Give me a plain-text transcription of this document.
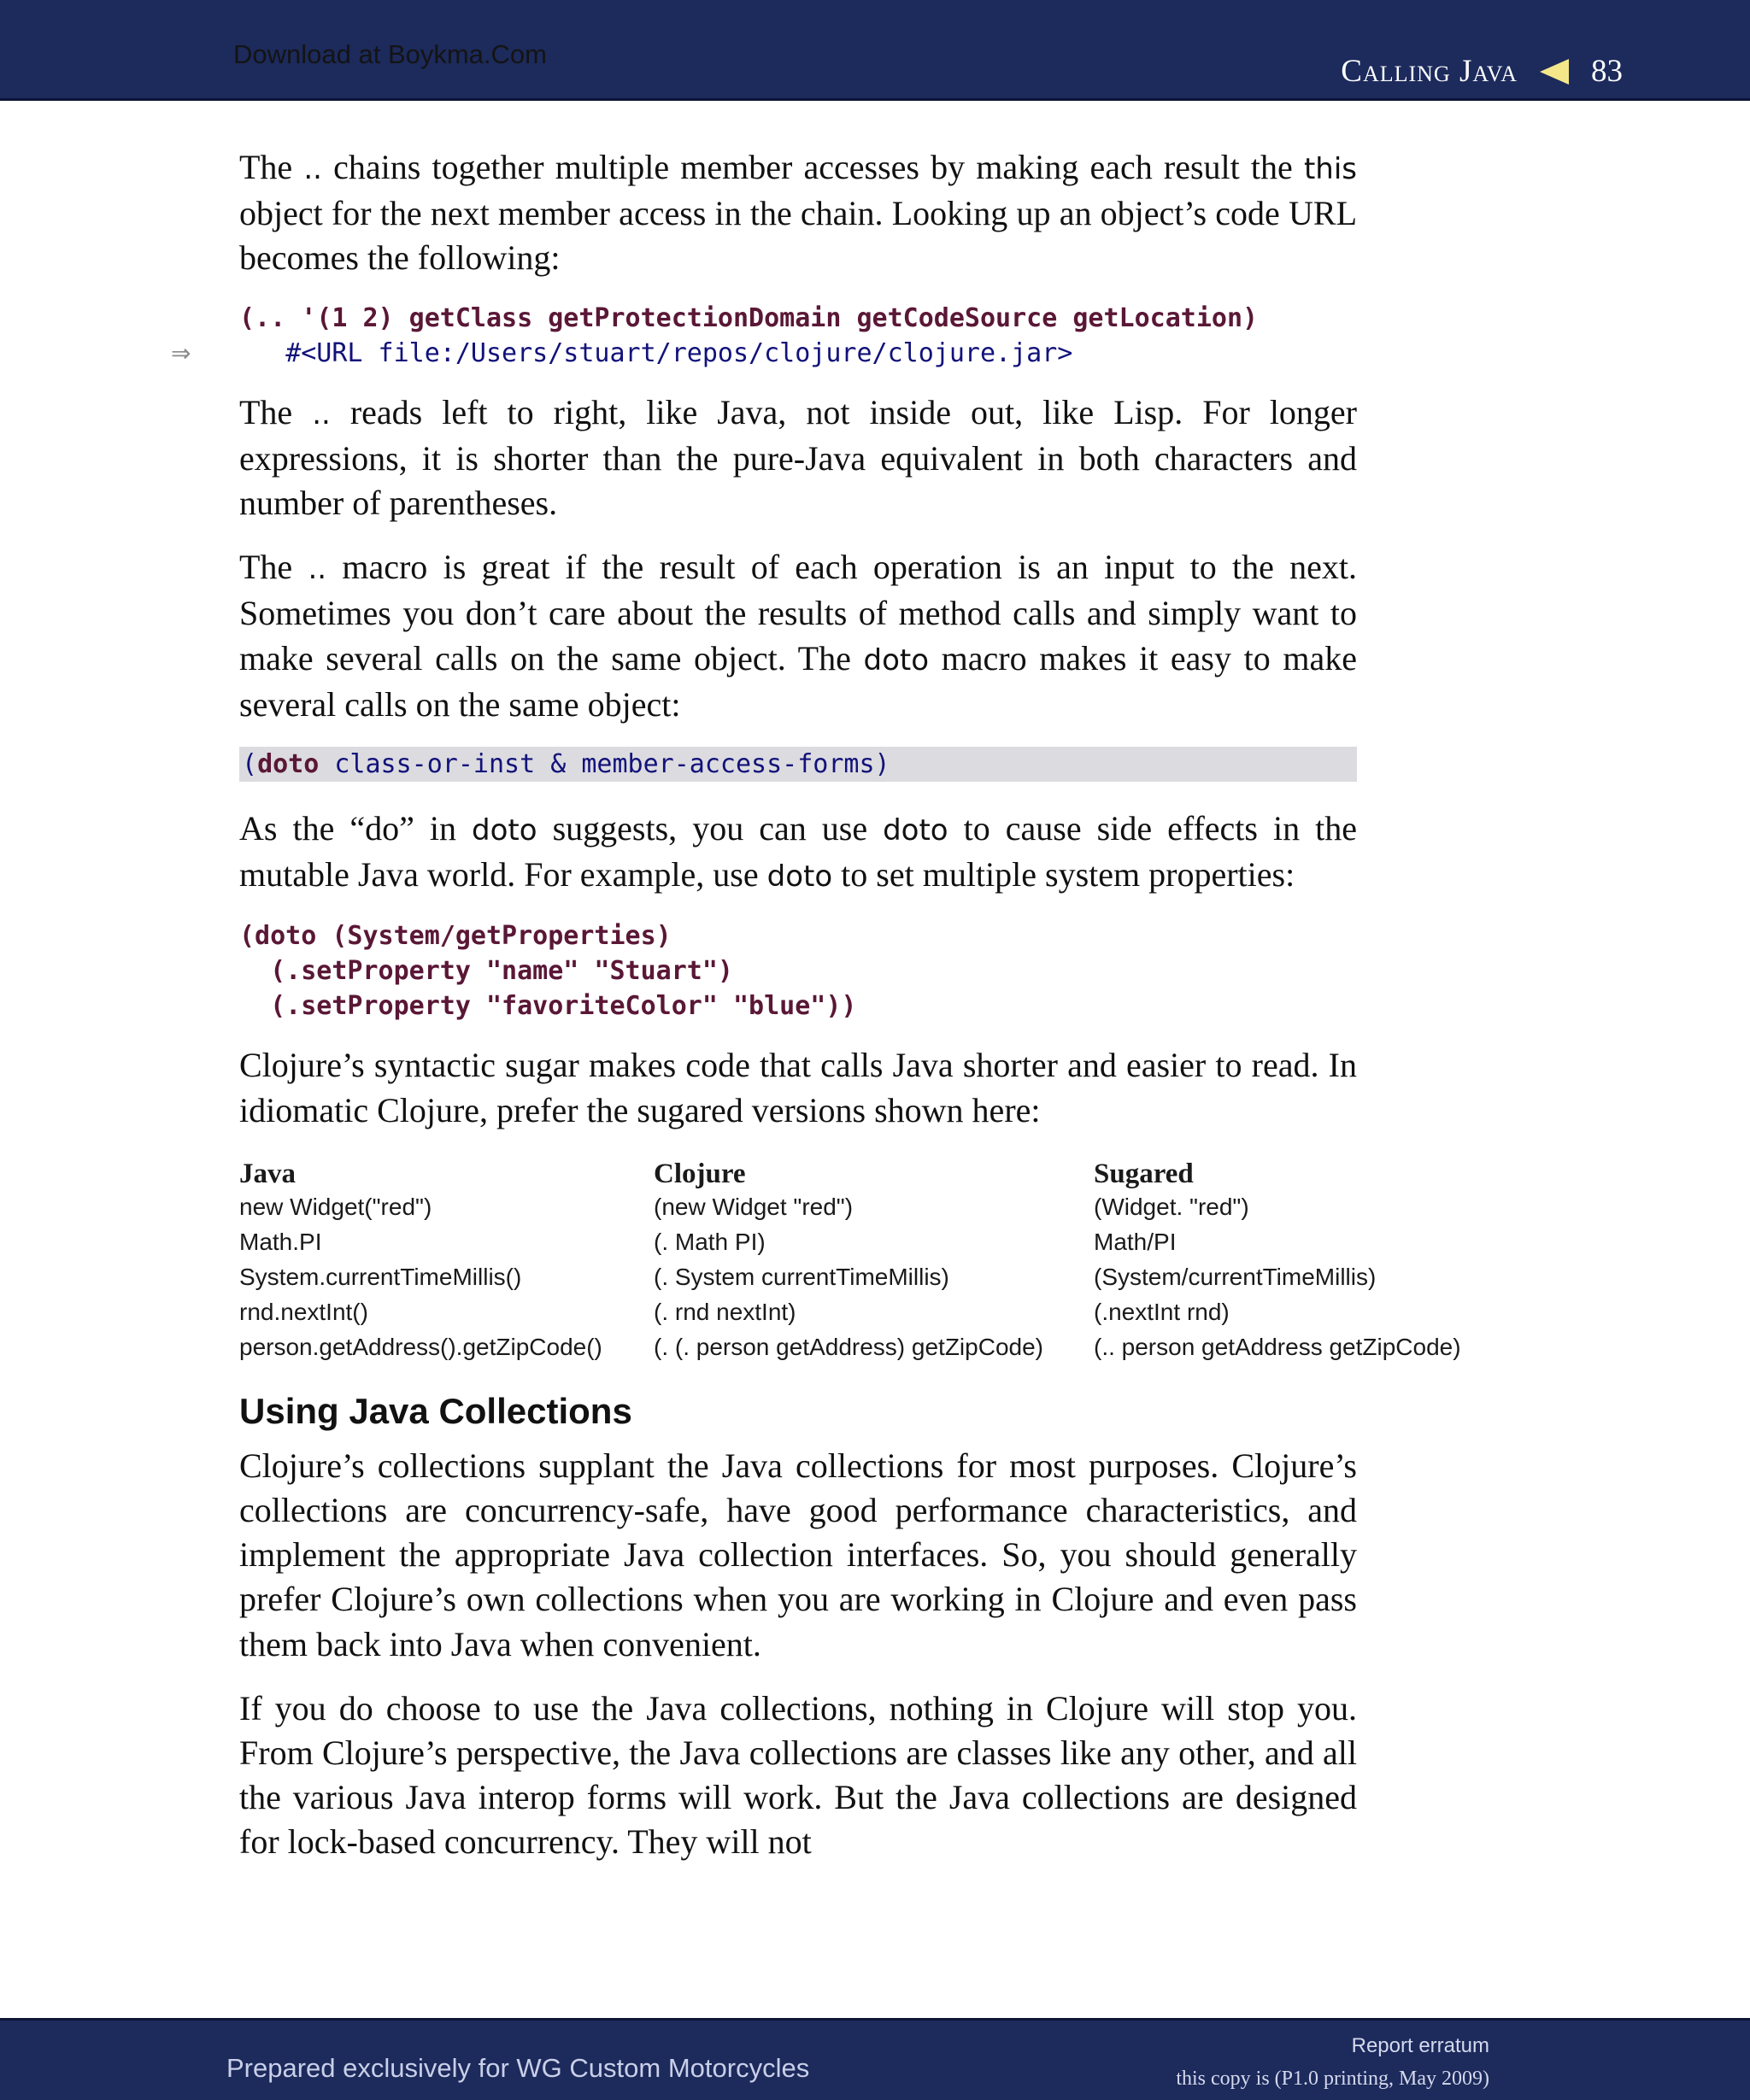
Download at Boykma.Com	Calling Java 83

The .. chains together multiple member accesses by making each result the this object for the next member access in the chain. Looking up an object’s code URL becomes the following:

(.. '(1 2) getClass getProtectionDomain getCodeSource getLocation)
⇒	#<URL file:/Users/stuart/repos/clojure/clojure.jar>

The .. reads left to right, like Java, not inside out, like Lisp. For longer expressions, it is shorter than the pure-Java equivalent in both characters and number of parentheses.

The .. macro is great if the result of each operation is an input to the next. Sometimes you don’t care about the results of method calls and simply want to make several calls on the same object. The doto macro makes it easy to make several calls on the same object:

(doto class-or-inst & member-access-forms)

As the “do” in doto suggests, you can use doto to cause side effects in the mutable Java world. For example, use doto to set multiple system properties:

(doto (System/getProperties)
(.setProperty "name" "Stuart")
(.setProperty "favoriteColor" "blue"))

Clojure’s syntactic sugar makes code that calls Java shorter and easier to read. In idiomatic Clojure, prefer the sugared versions shown here:

Java	Clojure	Sugared
new Widget("red")	(new Widget "red")	(Widget. "red")
Math.PI	(. Math PI)	Math/PI
System.currentTimeMillis()	(. System currentTimeMillis)	(System/currentTimeMillis)
rnd.nextInt()	(. rnd nextInt)	(.nextInt rnd)
person.getAddress().getZipCode()	(. (. person getAddress) getZipCode)	(.. person getAddress getZipCode)
Using Java Collections

Clojure’s collections supplant the Java collections for most purposes. Clojure’s collections are concurrency-safe, have good performance characteristics, and implement the appropriate Java collection interfaces. So, you should generally prefer Clojure’s own collections when you are working in Clojure and even pass them back into Java when convenient.

If you do choose to use the Java collections, nothing in Clojure will stop you. From Clojure’s perspective, the Java collections are classes like any other, and all the various Java interop forms will work. But the Java collections are designed for lock-based concurrency. They will not

Prepared exclusively for WG Custom Motorcycles
Report erratum
this copy is (P1.0 printing, May 2009)
